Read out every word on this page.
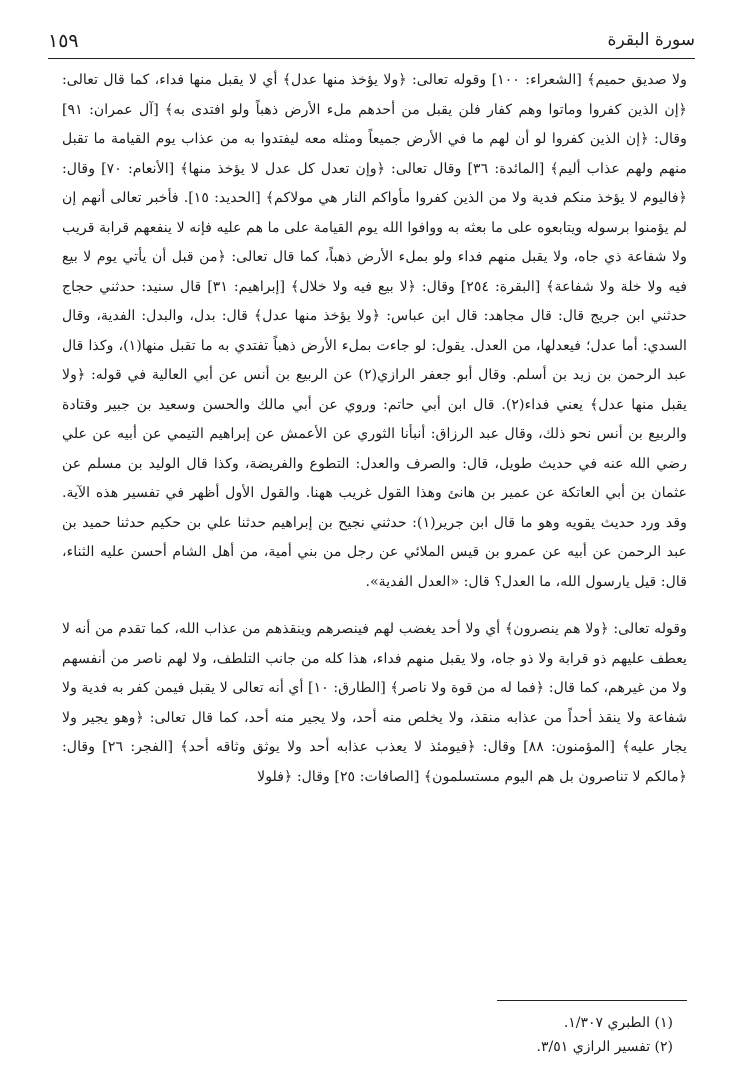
١٥٩	سورة البقرة

ولا صديق حميم﴾ [الشعراء: ١٠٠] وقوله تعالى: ﴿ولا يؤخذ منها عدل﴾ أي لا يقبل منها فداء، كما قال تعالى: ﴿إن الذين كفروا وماتوا وهم كفار فلن يقبل من أحدهم ملء الأرض ذهباً ولو افتدى به﴾ [آل عمران: ٩١] وقال: ﴿إن الذين كفروا لو أن لهم ما في الأرض جميعاً ومثله معه ليفتدوا به من عذاب يوم القيامة ما تقبل منهم ولهم عذاب أليم﴾ [المائدة: ٣٦] وقال تعالى: ﴿وإن تعدل كل عدل لا يؤخذ منها﴾ [الأنعام: ٧٠] وقال: ﴿فاليوم لا يؤخذ منكم فدية ولا من الذين كفروا مأواكم النار هي مولاكم﴾ [الحديد: ١٥]. فأخبر تعالى أنهم إن لم يؤمنوا برسوله ويتابعوه على ما بعثه به ووافوا الله يوم القيامة على ما هم عليه فإنه لا ينفعهم قرابة قريب ولا شفاعة ذي جاه، ولا يقبل منهم فداء ولو بملء الأرض ذهباً، كما قال تعالى: ﴿من قبل أن يأتي يوم لا بيع فيه ولا خلة ولا شفاعة﴾ [البقرة: ٢٥٤] وقال: ﴿لا بيع فيه ولا خلال﴾ [إبراهيم: ٣١] قال سنيد: حدثني حجاج حدثني ابن جريج قال: قال مجاهد: قال ابن عباس: ﴿ولا يؤخذ منها عدل﴾ قال: بدل، والبدل: الفدية، وقال السدي: أما عدل؛ فيعدلها، من العدل. يقول: لو جاءت بملء الأرض ذهباً تفتدي به ما تقبل منها(١)، وكذا قال عبد الرحمن بن زيد بن أسلم. وقال أبو جعفر الرازي(٢) عن الربيع بن أنس عن أبي العالية في قوله: ﴿ولا يقبل منها عدل﴾ يعني فداء(٢). قال ابن أبي حاتم: وروي عن أبي مالك والحسن وسعيد بن جبير وقتادة والربيع بن أنس نحو ذلك، وقال عبد الرزاق: أنبأنا الثوري عن الأعمش عن إبراهيم التيمي عن أبيه عن علي رضي الله عنه في حديث طويل، قال: والصرف والعدل: التطوع والفريضة، وكذا قال الوليد بن مسلم عن عثمان بن أبي العاتكة عن عمير بن هانئ وهذا القول غريب ههنا. والقول الأول أظهر في تفسير هذه الآية. وقد ورد حديث يقويه وهو ما قال ابن جرير(١): حدثني نجيح بن إبراهيم حدثنا علي بن حكيم حدثنا حميد بن عبد الرحمن عن أبيه عن عمرو بن قيس الملائي عن رجل من بني أمية، من أهل الشام أحسن عليه الثناء، قال: قيل يارسول الله، ما العدل؟ قال: «العدل الفدية».

وقوله تعالى: ﴿ولا هم ينصرون﴾ أي ولا أحد يغضب لهم فينصرهم وينقذهم من عذاب الله، كما تقدم من أنه لا يعطف عليهم ذو قرابة ولا ذو جاه، ولا يقبل منهم فداء، هذا كله من جانب التلطف، ولا لهم ناصر من أنفسهم ولا من غيرهم، كما قال: ﴿فما له من قوة ولا ناصر﴾ [الطارق: ١٠] أي أنه تعالى لا يقبل فيمن كفر به فدية ولا شفاعة ولا ينقذ أحداً من عذابه منقذ، ولا يخلص منه أحد، ولا يجير منه أحد، كما قال تعالى: ﴿وهو يجير ولا يجار عليه﴾ [المؤمنون: ٨٨] وقال: ﴿فيومئذ لا يعذب عذابه أحد ولا يوثق وثاقه أحد﴾ [الفجر: ٢٦] وقال: ﴿مالكم لا تناصرون بل هم اليوم مستسلمون﴾ [الصافات: ٢٥] وقال: ﴿فلولا

(١) الطبري ١/٣٠٧.

(٢) تفسير الرازي ٣/٥١.
